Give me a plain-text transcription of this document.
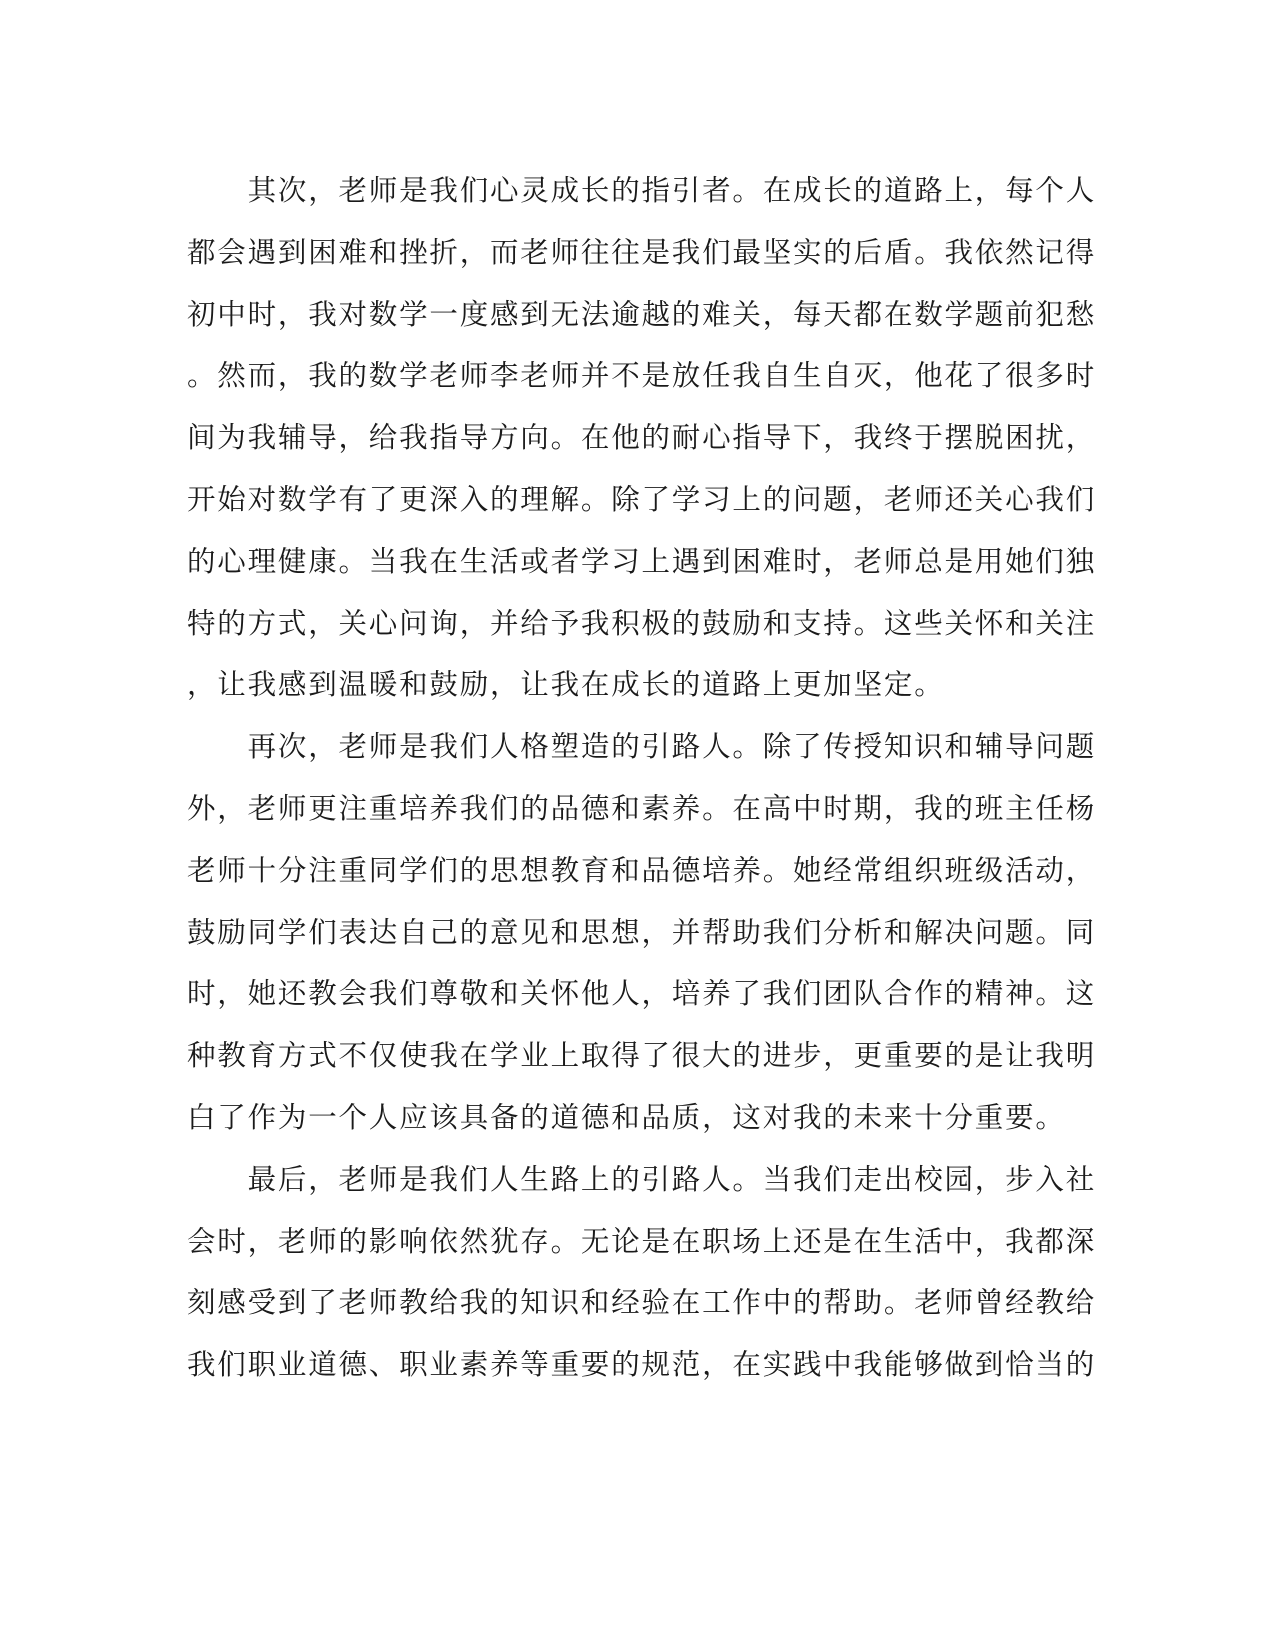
　　其次，老师是我们心灵成长的指引者。在成长的道路上，每个人
都会遇到困难和挫折，而老师往往是我们最坚实的后盾。我依然记得
初中时，我对数学一度感到无法逾越的难关，每天都在数学题前犯愁
。然而，我的数学老师李老师并不是放任我自生自灭，他花了很多时
间为我辅导，给我指导方向。在他的耐心指导下，我终于摆脱困扰，
开始对数学有了更深入的理解。除了学习上的问题，老师还关心我们
的心理健康。当我在生活或者学习上遇到困难时，老师总是用她们独
特的方式，关心问询，并给予我积极的鼓励和支持。这些关怀和关注
，让我感到温暖和鼓励，让我在成长的道路上更加坚定。
　　再次，老师是我们人格塑造的引路人。除了传授知识和辅导问题
外，老师更注重培养我们的品德和素养。在高中时期，我的班主任杨
老师十分注重同学们的思想教育和品德培养。她经常组织班级活动，
鼓励同学们表达自己的意见和思想，并帮助我们分析和解决问题。同
时，她还教会我们尊敬和关怀他人，培养了我们团队合作的精神。这
种教育方式不仅使我在学业上取得了很大的进步，更重要的是让我明
白了作为一个人应该具备的道德和品质，这对我的未来十分重要。
　　最后，老师是我们人生路上的引路人。当我们走出校园，步入社
会时，老师的影响依然犹存。无论是在职场上还是在生活中，我都深
刻感受到了老师教给我的知识和经验在工作中的帮助。老师曾经教给
我们职业道德、职业素养等重要的规范，在实践中我能够做到恰当的
